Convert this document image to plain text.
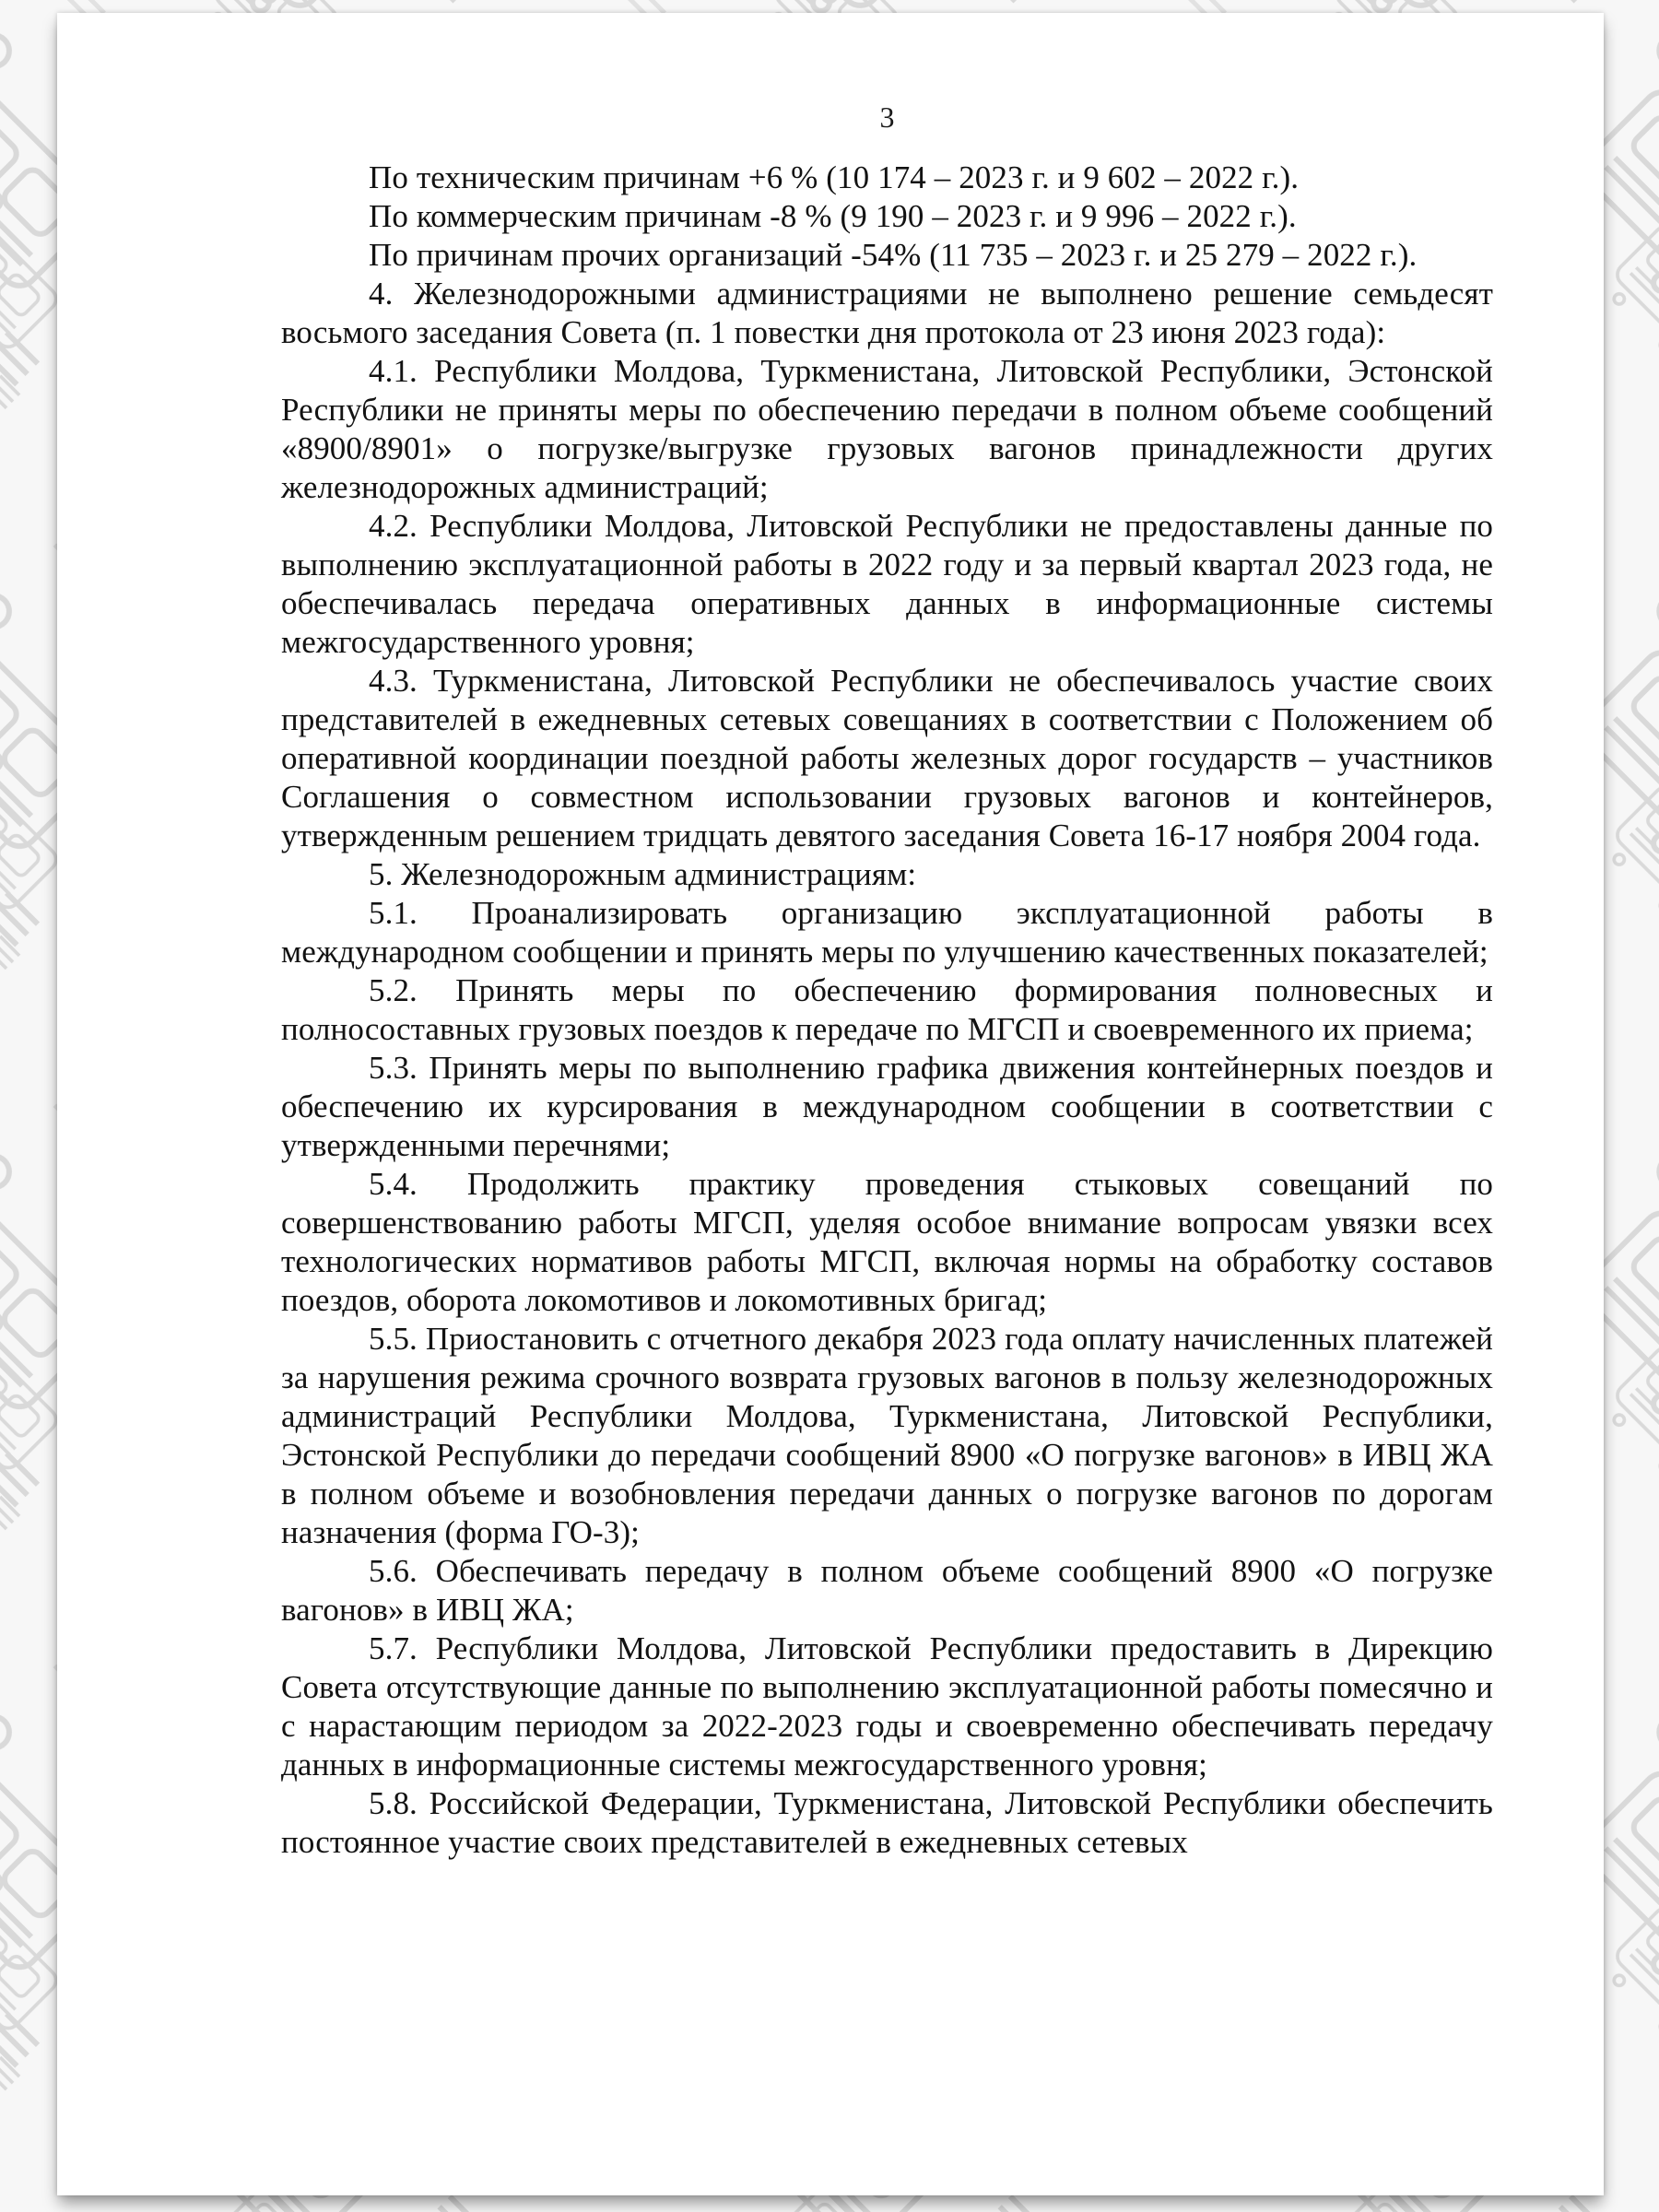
3

По техническим причинам +6 % (10 174 – 2023 г. и 9 602 – 2022 г.).

По коммерческим причинам -8 % (9 190 – 2023 г. и 9 996 – 2022 г.).

По причинам прочих организаций -54% (11 735 – 2023 г. и 25 279 – 2022 г.).

4. Железнодорожными администрациями не выполнено решение семьдесят восьмого заседания Совета (п. 1 повестки дня протокола от 23 июня 2023 года):

4.1. Республики Молдова, Туркменистана, Литовской Республики, Эстонской Республики не приняты меры по обеспечению передачи в полном объеме сообщений «8900/8901» о погрузке/выгрузке грузовых вагонов принадлежности других железнодорожных администраций;

4.2. Республики Молдова, Литовской Республики не предоставлены данные по выполнению эксплуатационной работы в 2022 году и за первый квартал 2023 года, не обеспечивалась передача оперативных данных в информационные системы межгосударственного уровня;

4.3. Туркменистана, Литовской Республики не обеспечивалось участие своих представителей в ежедневных сетевых совещаниях в соответствии с Положением об оперативной координации поездной работы железных дорог государств – участников Соглашения о совместном использовании грузовых вагонов и контейнеров, утвержденным решением тридцать девятого заседания Совета 16-17 ноября 2004 года.

5. Железнодорожным администрациям:

5.1. Проанализировать организацию эксплуатационной работы в международном сообщении и принять меры по улучшению качественных показателей;

5.2. Принять меры по обеспечению формирования полновесных и полносоставных грузовых поездов к передаче по МГСП и своевременного их приема;

5.3. Принять меры по выполнению графика движения контейнерных поездов и обеспечению их курсирования в международном сообщении в соответствии с утвержденными перечнями;

5.4. Продолжить практику проведения стыковых совещаний по совершенствованию работы МГСП, уделяя особое внимание вопросам увязки всех технологических нормативов работы МГСП, включая нормы на обработку составов поездов, оборота локомотивов и локомотивных бригад;

5.5. Приостановить с отчетного декабря 2023 года оплату начисленных платежей за нарушения режима срочного возврата грузовых вагонов в пользу железнодорожных администраций Республики Молдова, Туркменистана, Литовской Республики, Эстонской Республики до передачи сообщений 8900 «О погрузке вагонов» в ИВЦ ЖА в полном объеме и возобновления передачи данных о погрузке вагонов по дорогам назначения (форма ГО-3);

5.6. Обеспечивать передачу в полном объеме сообщений 8900 «О погрузке вагонов» в ИВЦ ЖА;

5.7. Республики Молдова, Литовской Республики предоставить в Дирекцию Совета отсутствующие данные по выполнению эксплуатационной работы помесячно и с нарастающим периодом за 2022-2023 годы и своевременно обеспечивать передачу данных в информационные системы межгосударственного уровня;

5.8. Российской Федерации, Туркменистана, Литовской Республики обеспечить постоянное участие своих представителей в ежедневных сетевых
